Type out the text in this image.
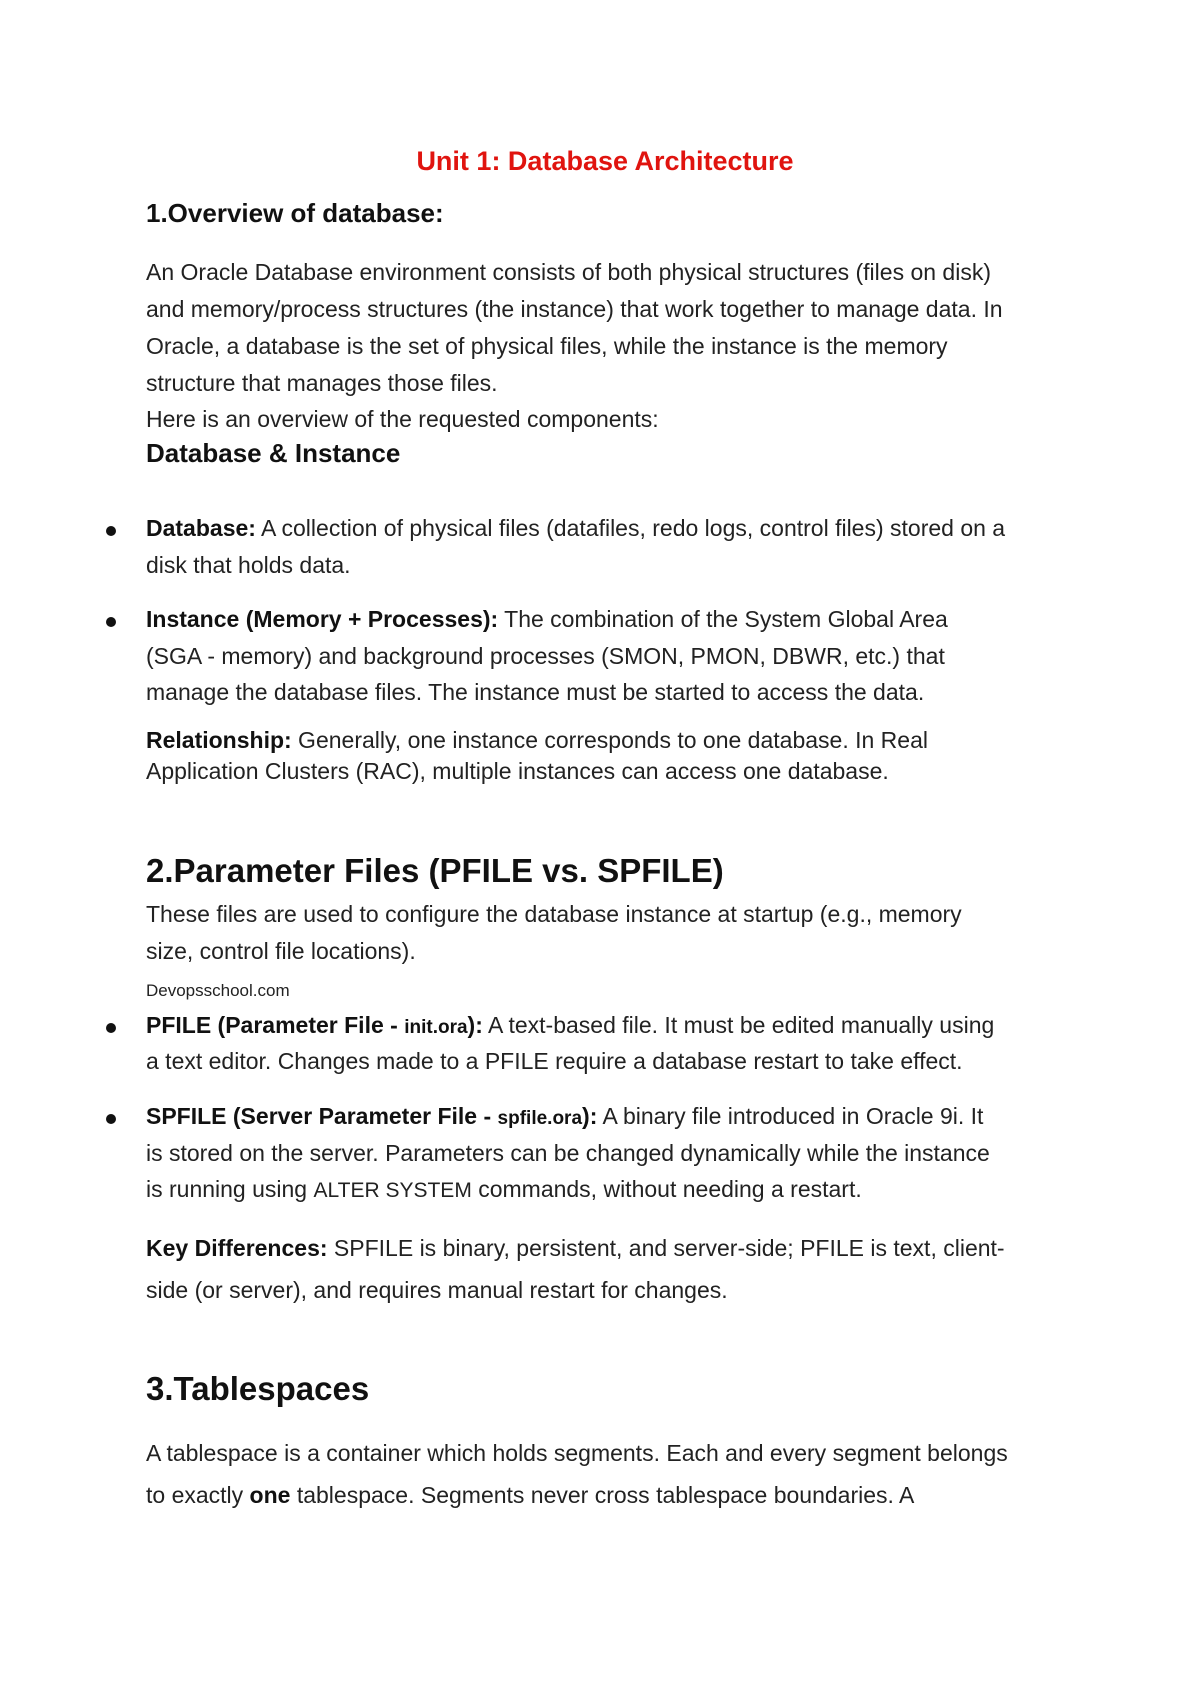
Unit 1: Database Architecture

1.Overview of database:

An Oracle Database environment consists of both physical structures (files on disk)

and memory/process structures (the instance) that work together to manage data. In

Oracle, a database is the set of physical files, while the instance is the memory

structure that manages those files.

Here is an overview of the requested components:

Database & Instance

Database: A collection of physical files (datafiles, redo logs, control files) stored on a

disk that holds data.

Instance (Memory + Processes): The combination of the System Global Area

(SGA - memory) and background processes (SMON, PMON, DBWR, etc.) that

manage the database files. The instance must be started to access the data.

Relationship: Generally, one instance corresponds to one database. In Real

Application Clusters (RAC), multiple instances can access one database.

2.Parameter Files (PFILE vs. SPFILE)

These files are used to configure the database instance at startup (e.g., memory

size, control file locations).

Devopsschool.com

PFILE (Parameter File - init.ora): A text-based file. It must be edited manually using

a text editor. Changes made to a PFILE require a database restart to take effect.

SPFILE (Server Parameter File - spfile.ora): A binary file introduced in Oracle 9i. It

is stored on the server. Parameters can be changed dynamically while the instance

is running using ALTER SYSTEM commands, without needing a restart.

Key Differences: SPFILE is binary, persistent, and server-side; PFILE is text, client-

side (or server), and requires manual restart for changes.

3.Tablespaces

A tablespace is a container which holds segments. Each and every segment belongs

to exactly one tablespace. Segments never cross tablespace boundaries. A
